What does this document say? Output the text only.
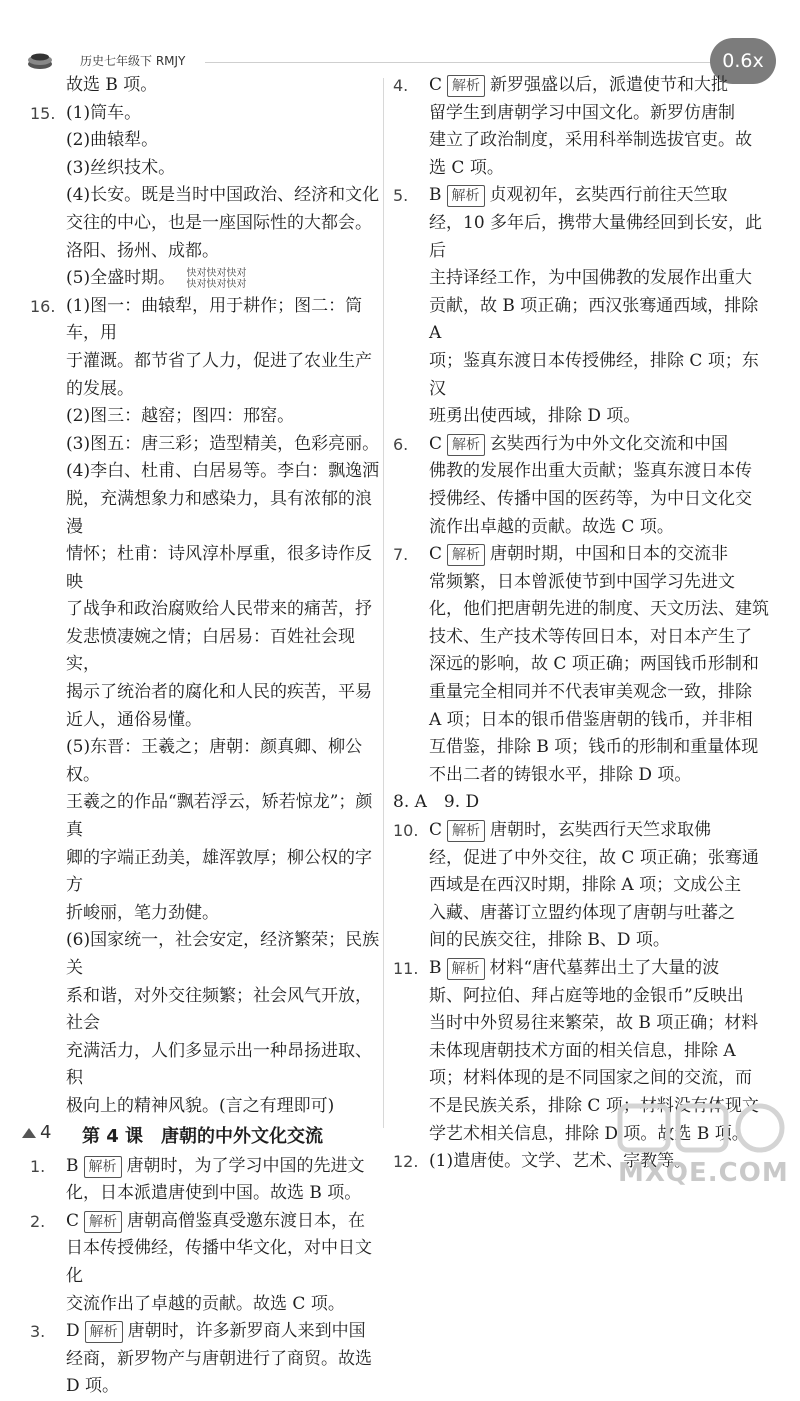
历史七年级下 RMJY	0.6x
故选 B 项。
15. (1)筒车。
(2)曲辕犁。
(3)丝织技术。
(4)长安。既是当时中国政治、经济和文化
交往的中心，也是一座国际性的大都会。
洛阳、扬州、成都。
(5)全盛时期。 快对快对快对
快对快对快对
16. (1)图一：曲辕犁，用于耕作；图二：筒车，用
于灌溉。都节省了人力，促进了农业生产
的发展。
(2)图三：越窑；图四：邢窑。
(3)图五：唐三彩；造型精美，色彩亮丽。
(4)李白、杜甫、白居易等。李白：飘逸洒
脱，充满想象力和感染力，具有浓郁的浪漫
情怀；杜甫：诗风淳朴厚重，很多诗作反映
了战争和政治腐败给人民带来的痛苦，抒
发悲愤凄婉之情；白居易：百姓社会现实，
揭示了统治者的腐化和人民的疾苦，平易
近人，通俗易懂。
(5)东晋：王羲之；唐朝：颜真卿、柳公权。
王羲之的作品“飘若浮云，矫若惊龙”；颜真
卿的字端正劲美，雄浑敦厚；柳公权的字方
折峻丽，笔力劲健。
(6)国家统一，社会安定，经济繁荣；民族关
系和谐，对外交往频繁；社会风气开放，社会
充满活力，人们多显示出一种昂扬进取、积
极向上的精神风貌。(言之有理即可)
第 4 课　唐朝的中外文化交流
1. B 解析 唐朝时，为了学习中国的先进文
化，日本派遣唐使到中国。故选 B 项。
2. C 解析 唐朝高僧鉴真受邀东渡日本，在
日本传授佛经，传播中华文化，对中日文化
交流作出了卓越的贡献。故选 C 项。
3. D 解析 唐朝时，许多新罗商人来到中国
经商，新罗物产与唐朝进行了商贸。故选
D 项。
4. C 解析 新罗强盛以后，派遣使节和大批
留学生到唐朝学习中国文化。新罗仿唐制
建立了政治制度，采用科举制选拔官吏。故
选 C 项。
5. B 解析 贞观初年，玄奘西行前往天竺取
经，10 多年后，携带大量佛经回到长安，此后
主持译经工作，为中国佛教的发展作出重大
贡献，故 B 项正确；西汉张骞通西域，排除 A
项；鉴真东渡日本传授佛经，排除 C 项；东汉
班勇出使西域，排除 D 项。
6. C 解析 玄奘西行为中外文化交流和中国
佛教的发展作出重大贡献；鉴真东渡日本传
授佛经、传播中国的医药等，为中日文化交
流作出卓越的贡献。故选 C 项。
7. C 解析 唐朝时期，中国和日本的交流非
常频繁，日本曾派使节到中国学习先进文
化，他们把唐朝先进的制度、天文历法、建筑
技术、生产技术等传回日本，对日本产生了
深远的影响，故 C 项正确；两国钱币形制和
重量完全相同并不代表审美观念一致，排除
A 项；日本的银币借鉴唐朝的钱币，并非相
互借鉴，排除 B 项；钱币的形制和重量体现
不出二者的铸银水平，排除 D 项。
8. A　9. D
10. C 解析 唐朝时，玄奘西行天竺求取佛
经，促进了中外交往，故 C 项正确；张骞通
西域是在西汉时期，排除 A 项；文成公主
入藏、唐蕃订立盟约体现了唐朝与吐蕃之
间的民族交往，排除 B、D 项。
11. B 解析 材料“唐代墓葬出土了大量的波
斯、阿拉伯、拜占庭等地的金银币”反映出
当时中外贸易往来繁荣，故 B 项正确；材料
未体现唐朝技术方面的相关信息，排除 A
项；材料体现的是不同国家之间的交流，而
不是民族关系，排除 C 项；材料没有体现文
学艺术相关信息，排除 D 项。故选 B 项。
12. (1)遣唐使。文学、艺术、宗教等。
4
MXQE.COM
